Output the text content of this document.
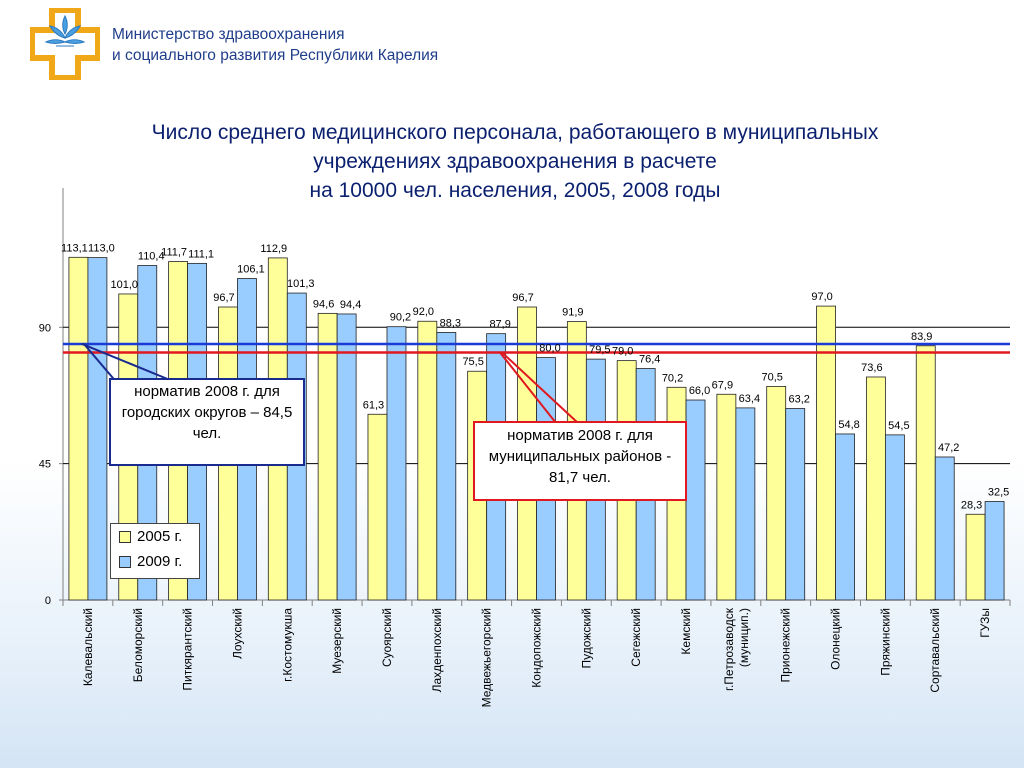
Министерство здравоохранения
и социального развития Республики Карелия
Число среднего медицинского персонала, работающего в муниципальных
учреждениях здравоохранения в расчете
на 10000 чел. населения, 2005, 2008 годы
0
45
90
113,1 113,0
101,0
110,4
111,7 111,1
96,7
106,1
112,9
101,3
94,6 94,4
61,3
90,2 92,0
88,3
75,5
87,9
96,7
80,0
91,9
79,5 79,0
76,4
70,2
66,0 67,9
63,4
70,5
63,2
97,0
54,8
73,6
54,5
83,9
47,2
28,3
32,5
Калевальский	Беломорский	Питкярантский	Лоухский	г.Костомукша	Муезерский	Суоярский	Лахденпохский	Медвежьегорский	Кондопожский	Пудожский	Сегежский	Кемский г.Петрозаводск (муницип.) Прионежский	Олонецкий	Пряжинский	Сортавальский	ГУЗы
норматив 2008 г. для городских округов – 84,5 чел.	норматив 2008 г. для муниципальных районов - 81,7 чел.
2005 г.
2009 г.
